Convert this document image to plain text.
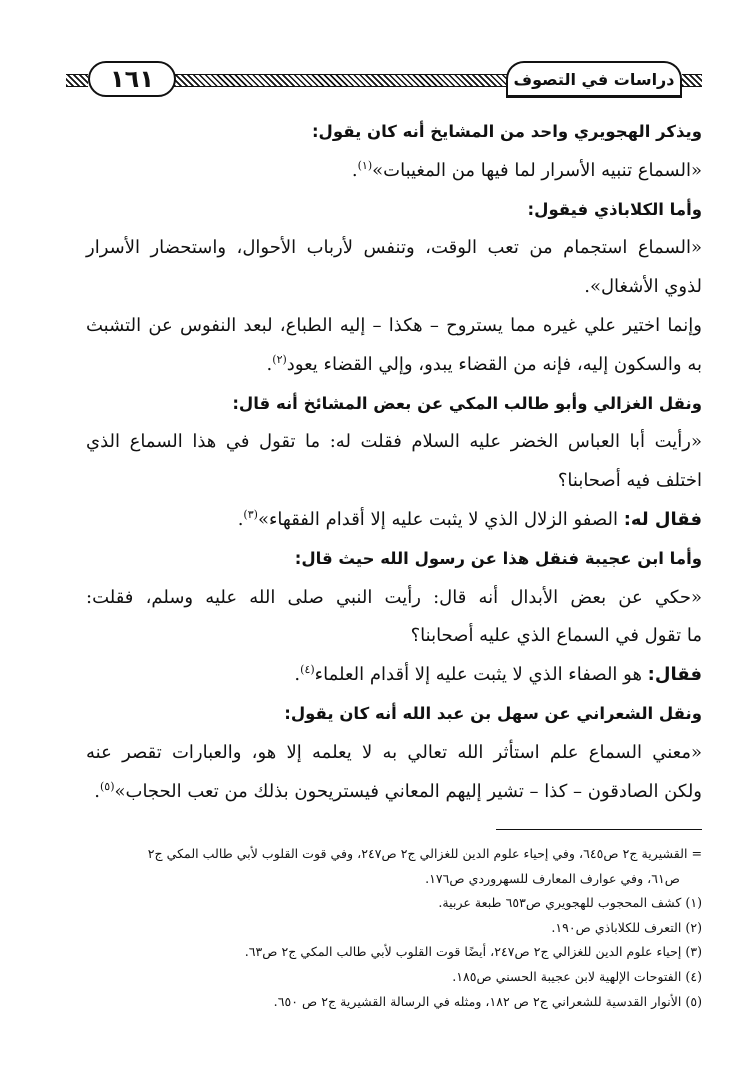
دراسات في التصوف
١٦١
ويذكر الهجويري واحد من المشايخ أنه كان يقول:
«السماع تنبيه الأسرار لما فيها من المغيبات»$^{(١)}$.
وأما الكلاباذي فيقول:
«السماع استجمام من تعب الوقت، وتنفس لأرباب الأحوال، واستحضار الأسرار
لذوي الأشغال».
وإنما اختير علي غيره مما يستروح – هكذا – إليه الطباع، لبعد النفوس عن التشبث
به والسكون إليه، فإنه من القضاء يبدو، وإلي القضاء يعود$^{(٢)}$.
ونقل الغزالي وأبو طالب المكي عن بعض المشائخ أنه قال:
«رأيت أبا العباس الخضر عليه السلام فقلت له: ما تقول في هذا السماع الذي
اختلف فيه أصحابنا؟
فقال له: الصفو الزلال الذي لا يثبت عليه إلا أقدام الفقهاء»$^{(٣)}$.
وأما ابن عجيبة فنقل هذا عن رسول الله حيث قال:
«حكي عن بعض الأبدال أنه قال: رأيت النبي صلى الله عليه وسلم، فقلت:
ما تقول في السماع الذي عليه أصحابنا؟
فقال: هو الصفاء الذي لا يثبت عليه إلا أقدام العلماء$^{(٤)}$.
ونقل الشعراني عن سهل بن عبد الله أنه كان يقول:
«معني السماع علم استأثر الله تعالي به لا يعلمه إلا هو، والعبارات تقصر عنه
ولكن الصادقون – كذا – تشير إليهم المعاني فيستريحون بذلك من تعب الحجاب»$^{(٥)}$.
= القشيرية ج٢ ص٦٤٥، وفي إحياء علوم الدين للغزالي ج٢ ص٢٤٧، وفي قوت القلوب لأبي طالب المكي ج٢
ص٦١، وفي عوارف المعارف للسهروردي ص١٧٦.
(١) كشف المحجوب للهجويري ص٦٥٣ طبعة عربية.
(٢) التعرف للكلاباذي ص١٩٠.
(٣) إحياء علوم الدين للغزالي ج٢ ص٢٤٧، أيضًا قوت القلوب لأبي طالب المكي ج٢ ص٦٣.
(٤) الفتوحات الإلهية لابن عجيبة الحسني ص١٨٥.
(٥) الأنوار القدسية للشعراني ج٢ ص ١٨٢، ومثله في الرسالة القشيرية ج٢ ص ٦٥٠.
